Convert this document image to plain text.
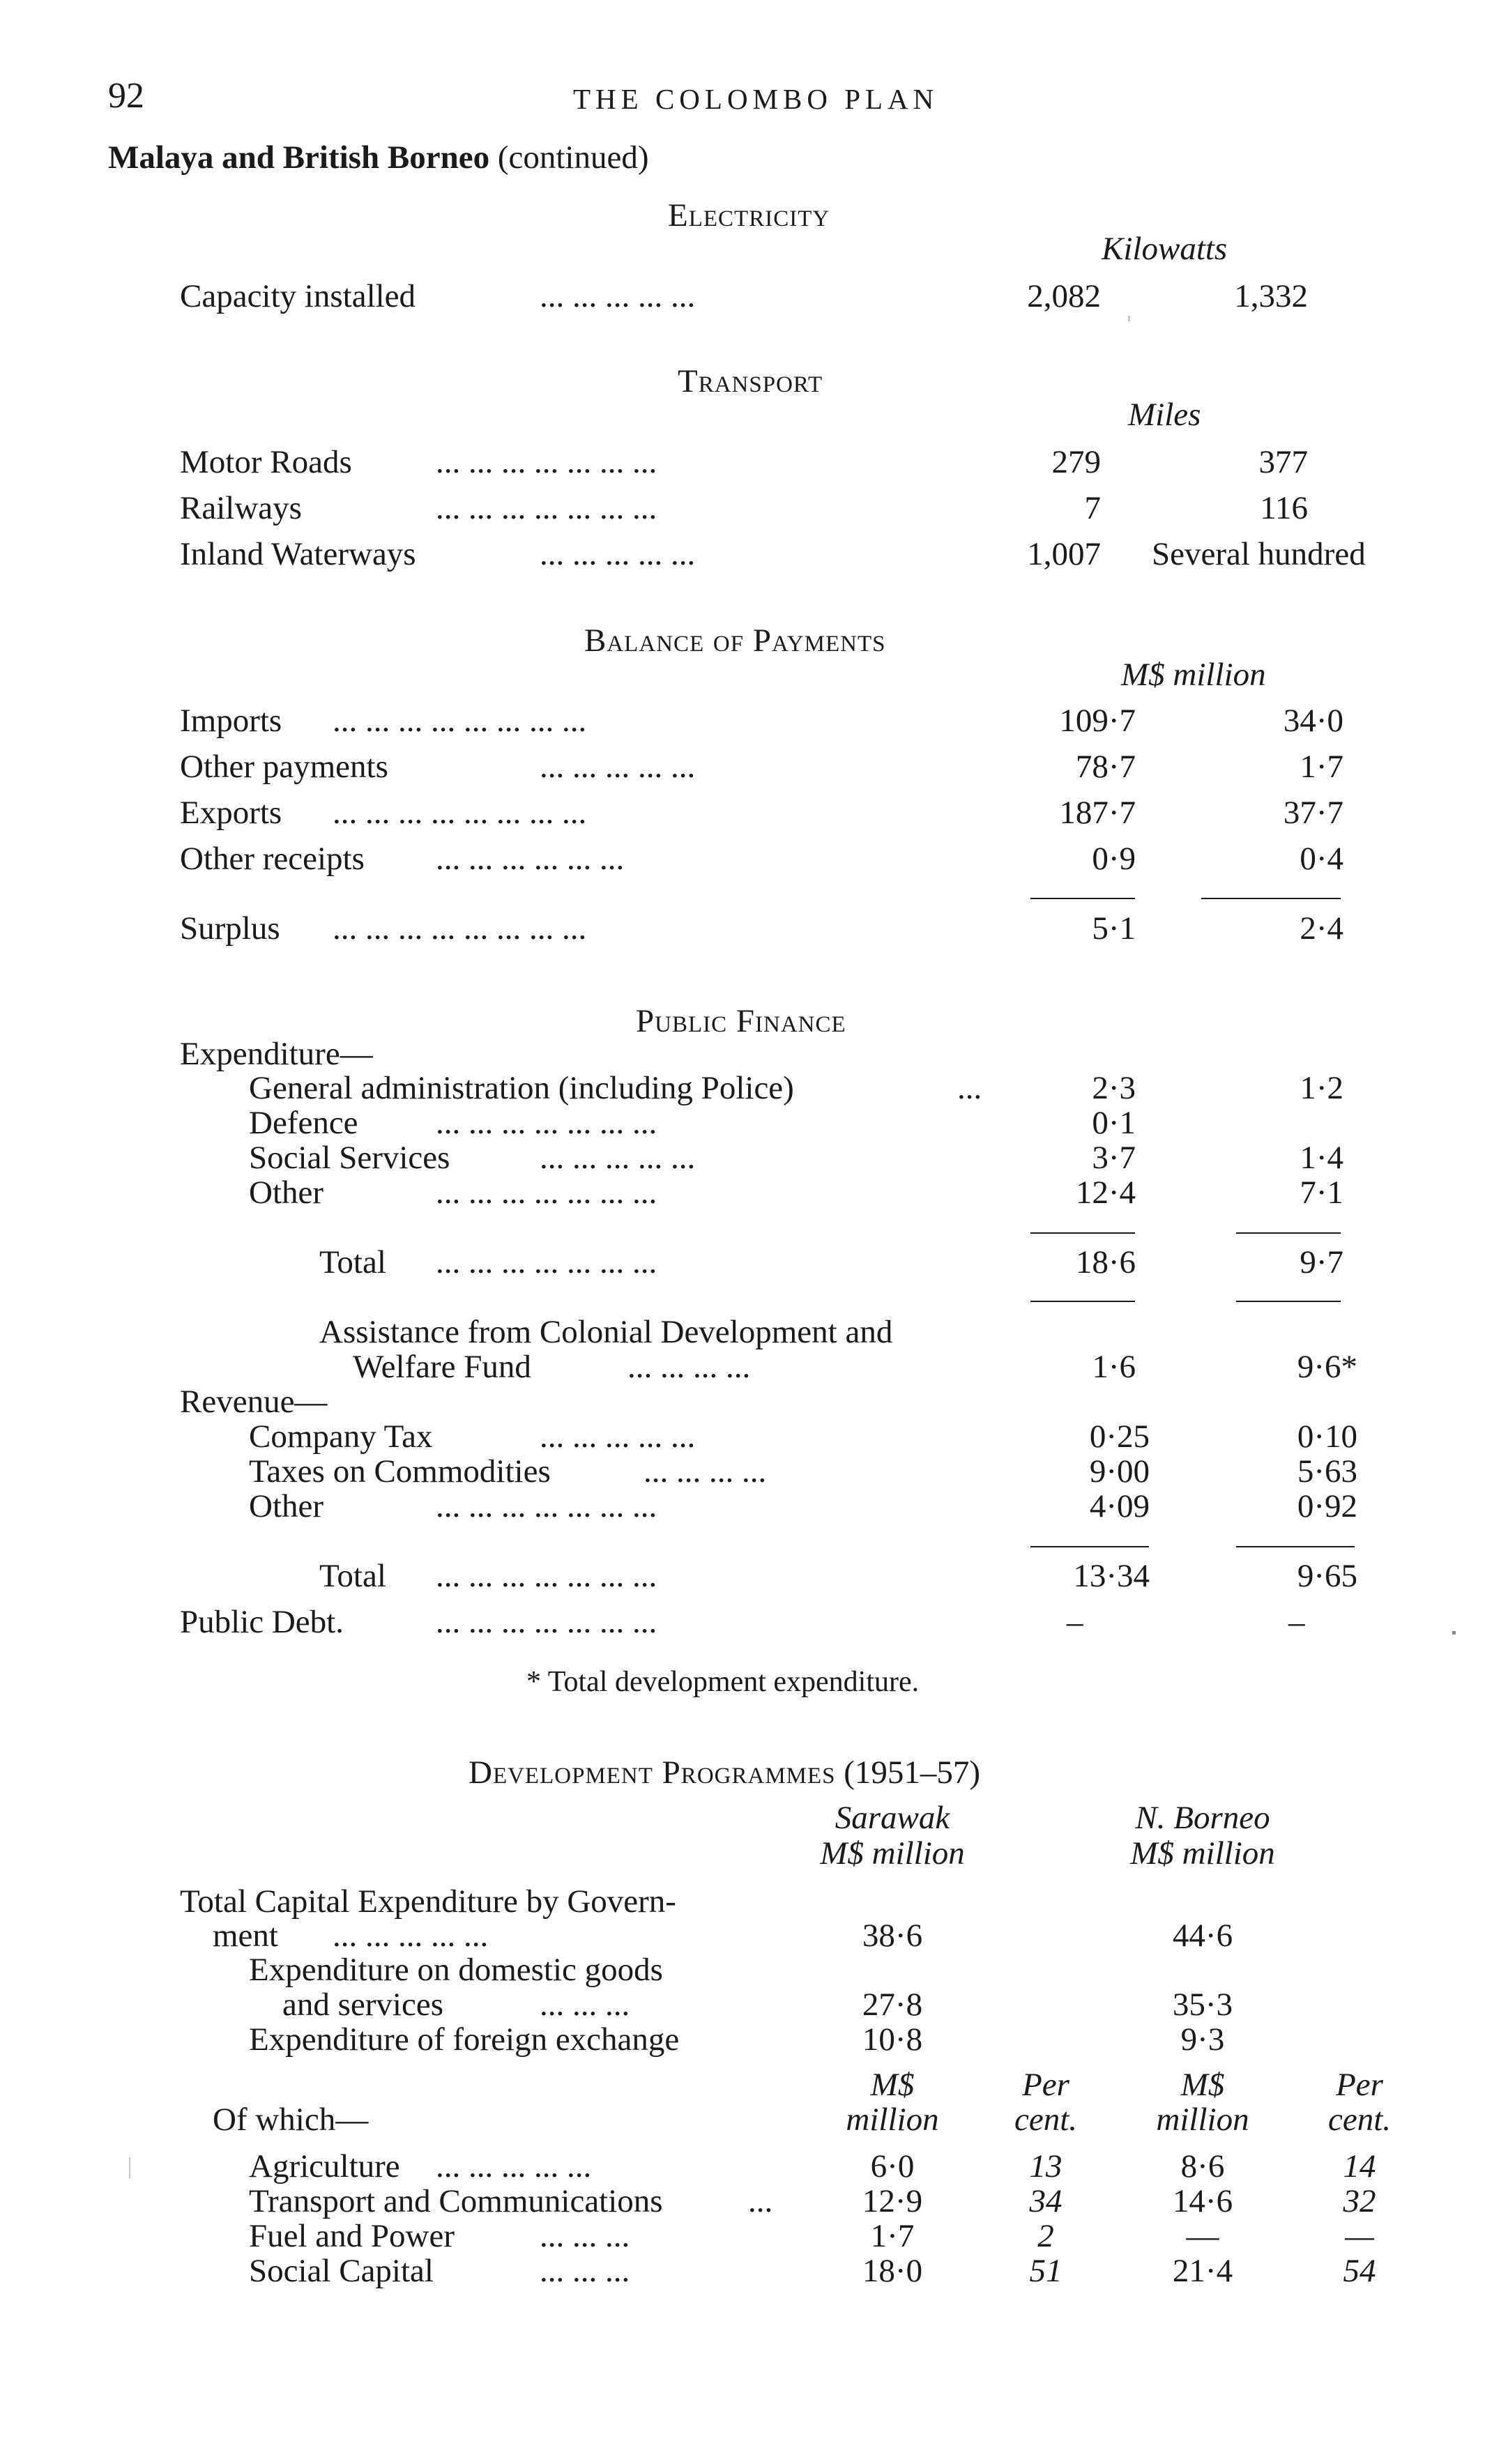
92	THE COLOMBO PLAN
Malaya and British Borneo (continued)
Electricity
Kilowatts
Capacity installed	... ... ... ... ...	2,082	1,332
Transport
Miles
Motor Roads	... ... ... ... ... ... ...	279	377
Railways	... ... ... ... ... ... ...	7	116
Inland Waterways	... ... ... ... ...	1,007 Several hundred
Balance of Payments
M$ million
Imports ... ... ... ... ... ... ... ...	109·7	34·0
Other payments	... ... ... ... ...	78·7	1·7
Exports ... ... ... ... ... ... ... ...	187·7	37·7
Other receipts ... ... ... ... ... ...	0·9	0·4
Surplus ... ... ... ... ... ... ... ...	5·1	2·4
Public Finance
Expenditure—
General administration (including Police)	...	2·3	1·2
Defence ... ... ... ... ... ... ...	0·1
Social Services	... ... ... ... ...	3·7	1·4
Other	... ... ... ... ... ... ...	12·4	7·1
Total ... ... ... ... ... ... ...	18·6	9·7
Assistance from Colonial Development and
Welfare Fund	... ... ... ...	1·6	9·6*
Revenue—
Company Tax	... ... ... ... ...	0·25	0·10
Taxes on Commodities	... ... ... ...	9·00	5·63
Other	... ... ... ... ... ... ...	4·09	0·92
Total ... ... ... ... ... ... ...	13·34	9·65
Public Debt.	... ... ... ... ... ... ...	–	–
* Total development expenditure.
Development Programmes (1951–57)
Sarawak
M$ million
N. Borneo
M$ million
Total Capital Expenditure by Govern-
ment ... ... ... ... ...	38·6	44·6
Expenditure on domestic goods
and services	... ... ...	27·8	35·3
Expenditure of foreign exchange	10·8	9·3
M$
million
Per
cent.
M$
million
Per
cent.
Of which—
Agriculture ... ... ... ... ...	6·0	13	8·6	14
Transport and Communications	...	12·9	34	14·6	32
Fuel and Power	... ... ...	1·7	2	—	—
Social Capital	... ... ...	18·0	51	21·4	54
